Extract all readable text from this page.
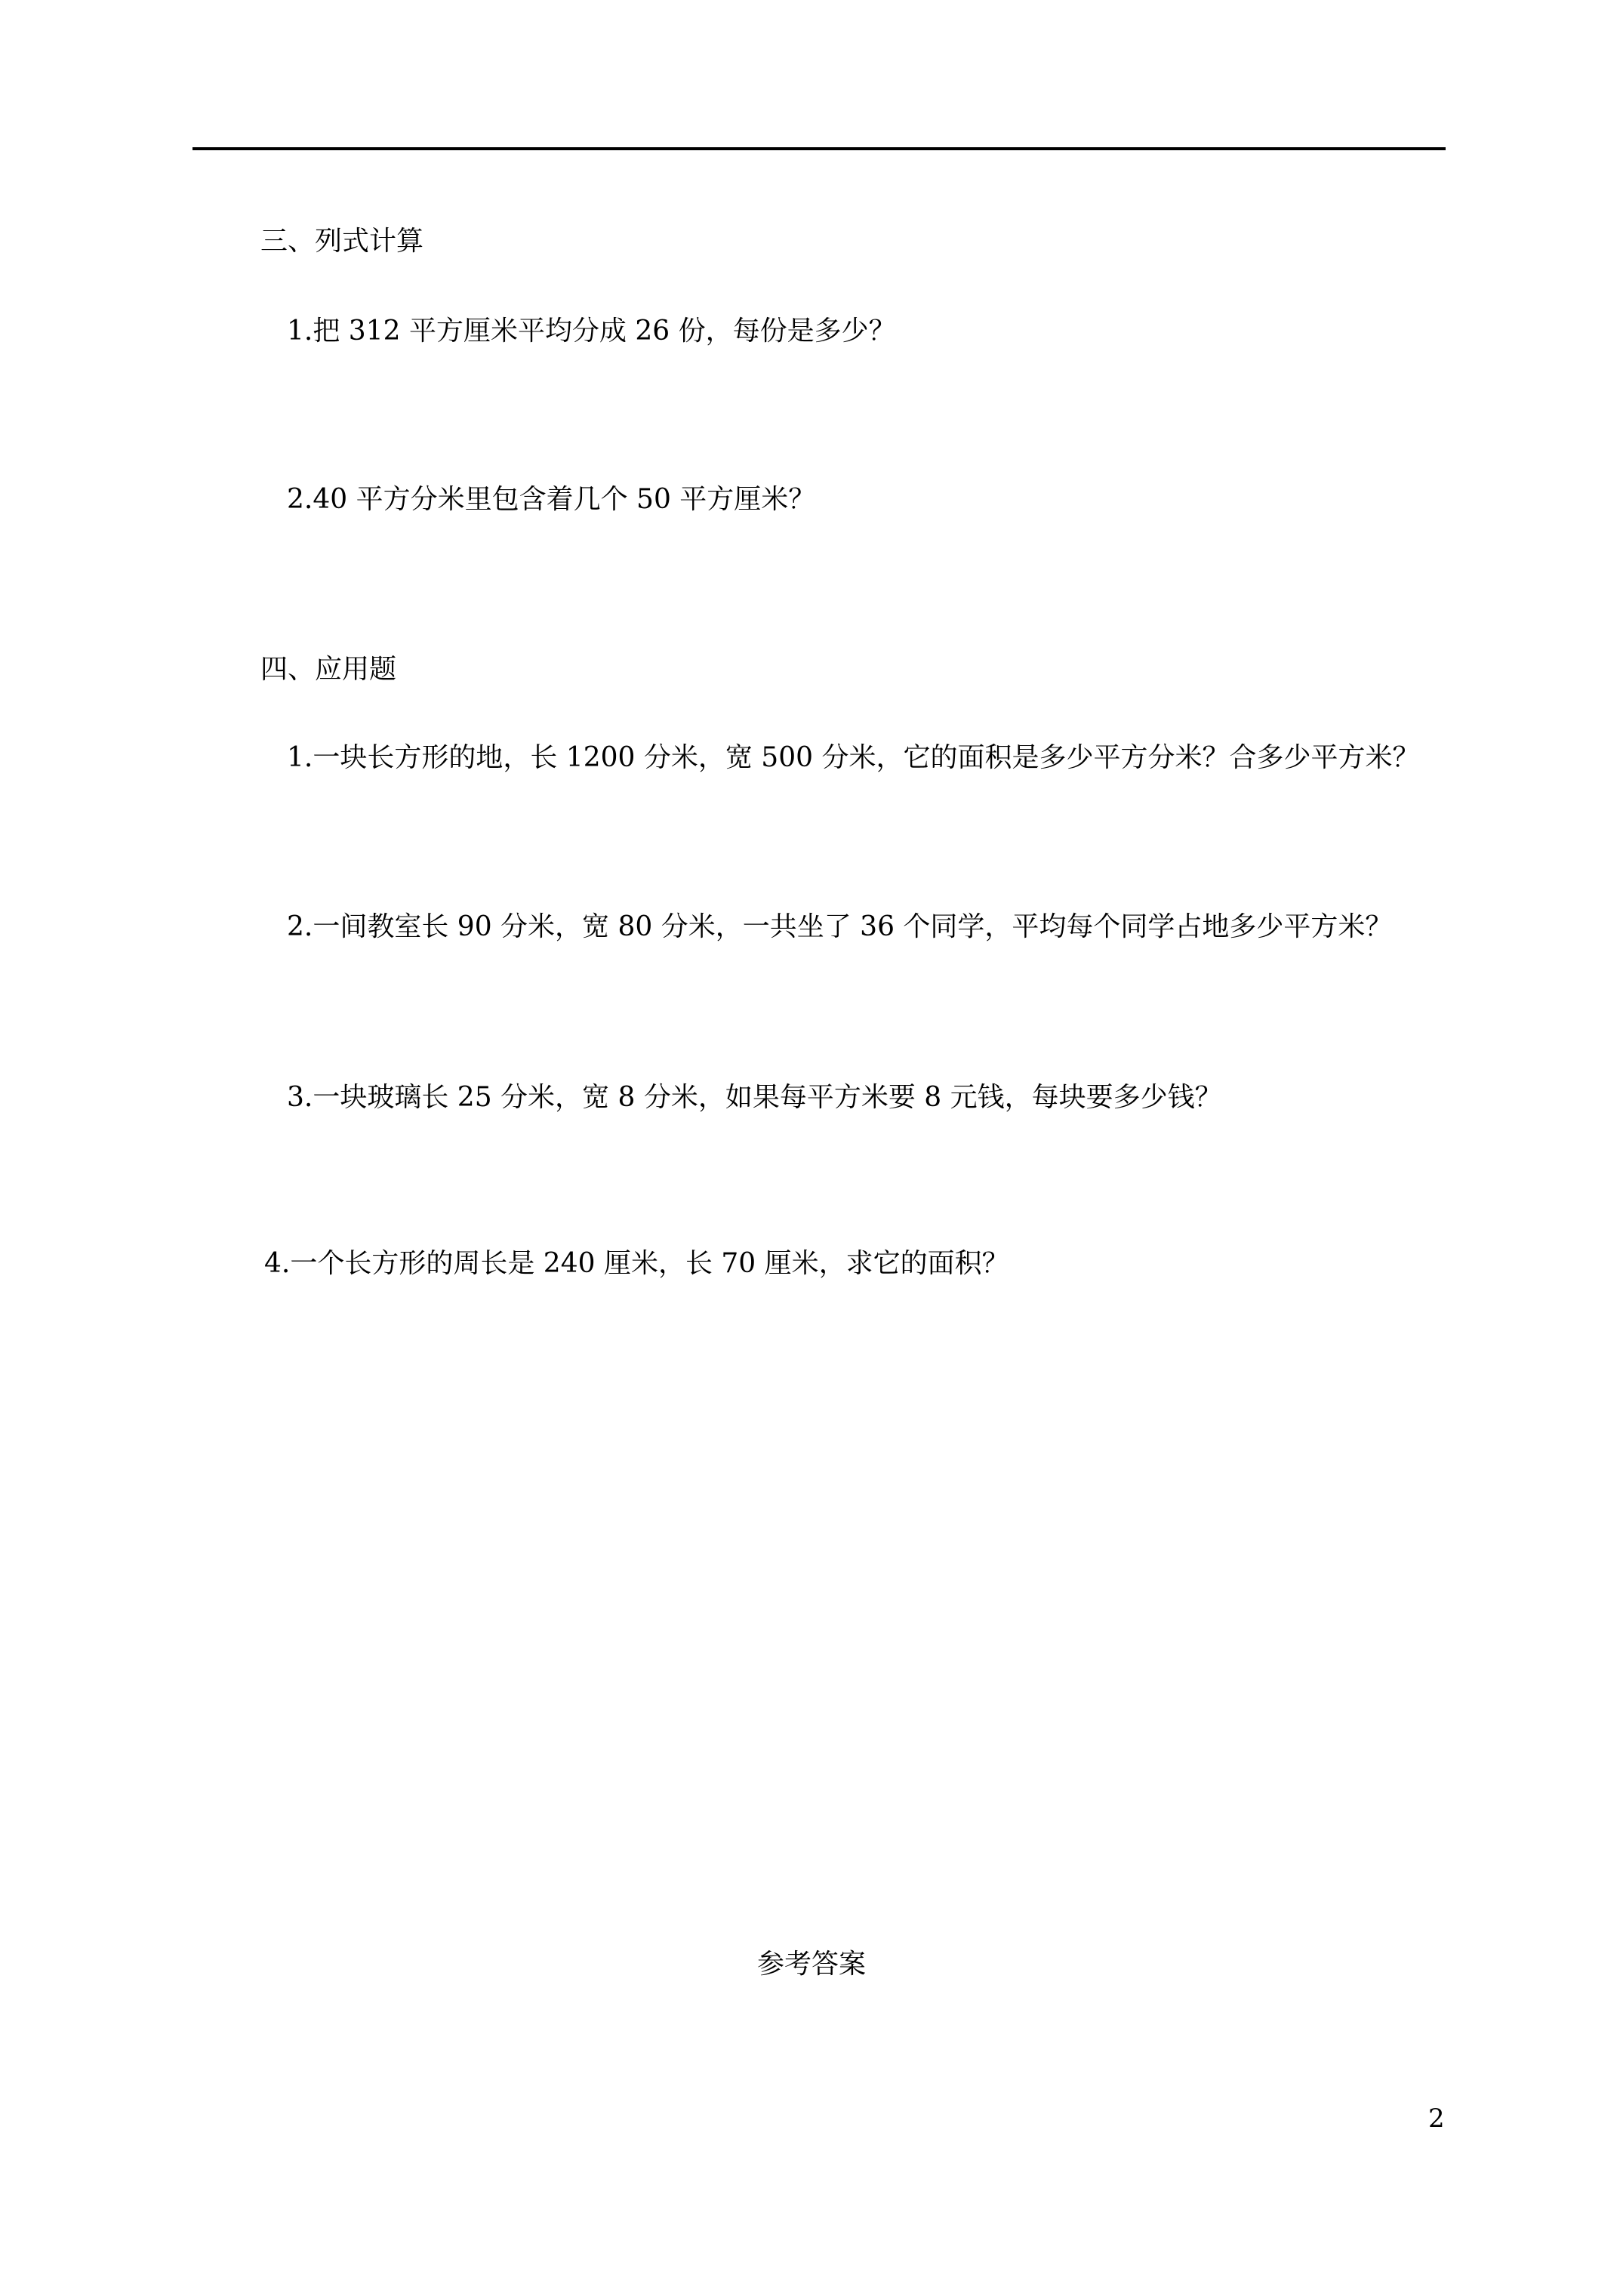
三、列式计算
1.把 312 平方厘米平均分成 26 份，每份是多少？
2.40 平方分米里包含着几个 50 平方厘米？
四、应用题
1.一块长方形的地，长 1200 分米，宽 500 分米，它的面积是多少平方分米？合多少平方米？
2.一间教室长 90 分米，宽 80 分米，一共坐了 36 个同学，平均每个同学占地多少平方米？
3.一块玻璃长 25 分米，宽 8 分米，如果每平方米要 8 元钱，每块要多少钱？
4.一个长方形的周长是 240 厘米，长 70 厘米，求它的面积？
参考答案
2
